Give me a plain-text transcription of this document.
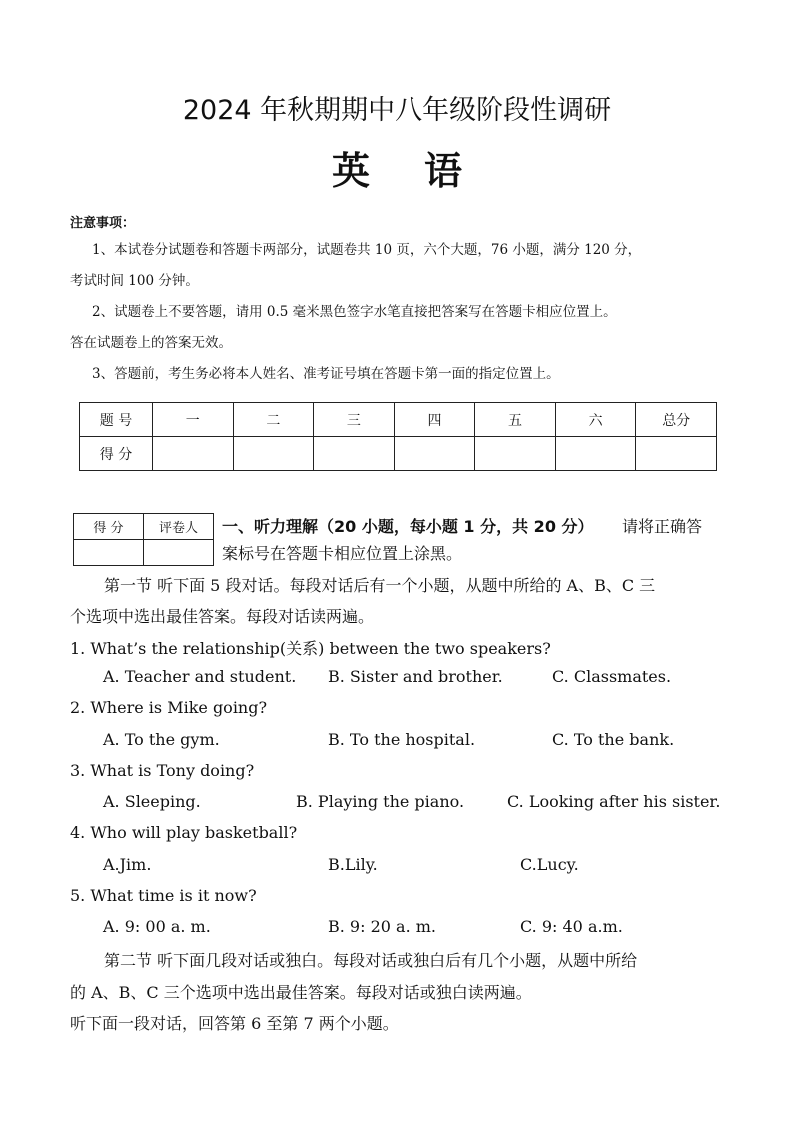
2024 年秋期期中八年级阶段性调研
英语
注意事项：
1、本试卷分试题卷和答题卡两部分，试题卷共 10 页，六个大题，76 小题，满分 120 分，
考试时间 100 分钟。
2、试题卷上不要答题，请用 0.5 毫米黑色签字水笔直接把答案写在答题卡相应位置上。
答在试题卷上的答案无效。
3、答题前，考生务必将本人姓名、准考证号填在答题卡第一面的指定位置上。
题 号	一	二	三	四	五	六	总分
得 分							
得 分	评卷人
	一、听力理解（20 小题，每小题 1 分，共 20 分） 请将正确答
案标号在答题卡相应位置上涂黑。
第一节 听下面 5 段对话。每段对话后有一个小题，从题中所给的 A、B、C 三
个选项中选出最佳答案。每段对话读两遍。
1. What’s the relationship(关系) between the two speakers?
A. Teacher and student. B. Sister and brother.	C. Classmates.
2. Where is Mike going?
A. To the gym.	B. To the hospital.	C. To the bank.
3. What is Tony doing?
A. Sleeping.	B. Playing the piano.	C. Looking after his sister.
4. Who will play basketball?
A.Jim.	B.Lily.	C.Lucy.
5. What time is it now?
A. 9: 00 a. m.	B. 9: 20 a. m.	C. 9: 40 a.m.
第二节 听下面几段对话或独白。每段对话或独白后有几个小题，从题中所给
的 A、B、C 三个选项中选出最佳答案。每段对话或独白读两遍。
听下面一段对话，回答第 6 至第 7 两个小题。
